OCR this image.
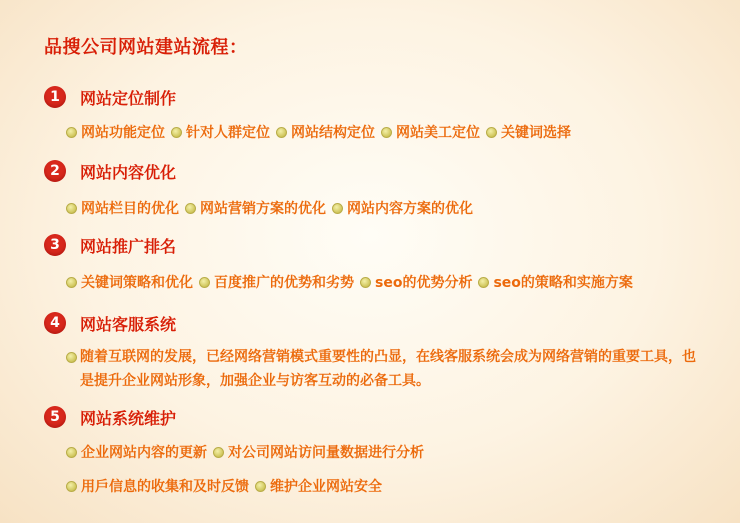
品搜公司网站建站流程：
1	网站定位制作
网站功能定位 针对人群定位 网站结构定位 网站美工定位 关键词选择
2	网站内容优化
网站栏目的优化 网站营销方案的优化 网站内容方案的优化
3	网站推广排名
关键词策略和优化 百度推广的优势和劣势 seo的优势分析 seo的策略和实施方案
4	网站客服系统
随着互联网的发展，已经网络营销模式重要性的凸显，在线客服系统会成为网络营销的重要工具，也是提升企业网站形象，加强企业与访客互动的必备工具。
5	网站系统维护
企业网站内容的更新 对公司网站访问量数据进行分析
用戶信息的收集和及时反馈 维护企业网站安全
